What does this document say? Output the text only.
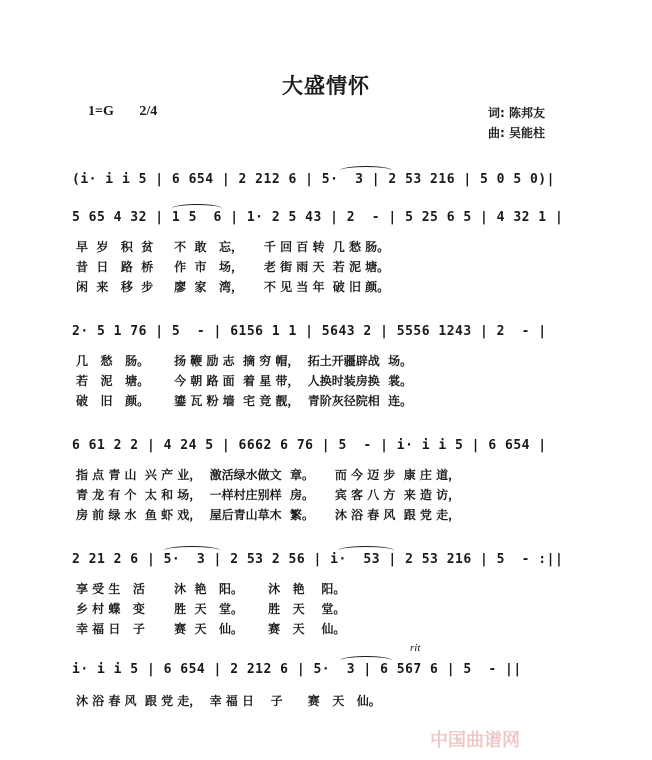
大盛情怀
1=G 2/4	词: 陈邦友
曲: 吴能柱
(i· i i 5 | 6 654 | 2 212 6 | 5·  3 | 2 53 216 | 5 0 5 0)|
5 65 4 32 | 1 5  6 | 1· 2 5 43 | 2  - | 5 25 6 5 | 4 32 1 |
早  岁   积  贫     不  敢   忘，     千 回 百 转  几 愁 肠。
昔  日   路  桥     作  市   场，     老 街 雨 天  若 泥 塘。
闲  来   移  步     廖  家   湾，     不 见 当 年  破 旧 颜。
2· 5 1 76 | 5  - | 6156 1 1 | 5643 2 | 5556 1243 | 2  - |
几   愁   肠。      扬 鞭 励 志  摘 穷 帽，  拓土开疆辟战  场。
若   泥   塘。      今 朝 路 面  着 星 带，  人换时装房换  裳。
破   旧   颜。      鎏 瓦 粉 墙  宅 竞 靓，  青阶灰径院相  连。
6 61 2 2 | 4 24 5 | 6662 6 76 | 5  - | i· i i 5 | 6 654 |
指 点 青 山  兴 产 业，  激活绿水做文  章。     而 今 迈 步  康 庄 道，
青 龙 有 个  太 和 场，  一样村庄别样  房。     宾 客 八 方  来 造 访，
房 前 绿 水  鱼 虾 戏，  屋后青山草木  繁。     沐 浴 春 风  跟 党 走，
2 21 2 6 | 5·  3 | 2 53 2 56 | i·  53 | 2 53 216 | 5  - :||
享 受 生   活       沐  艳   阳。      沐   艳    阳。
乡 村 蝶   变       胜  天   堂。      胜   天    堂。
幸 福 日   子       赛  天   仙。      赛   天    仙。
rit
i· i i 5 | 6 654 | 2 212 6 | 5·  3 | 6 567 6 | 5  - ||
沐 浴 春 风  跟 党 走，  幸 福 日    子      赛   天   仙。
中国曲谱网
